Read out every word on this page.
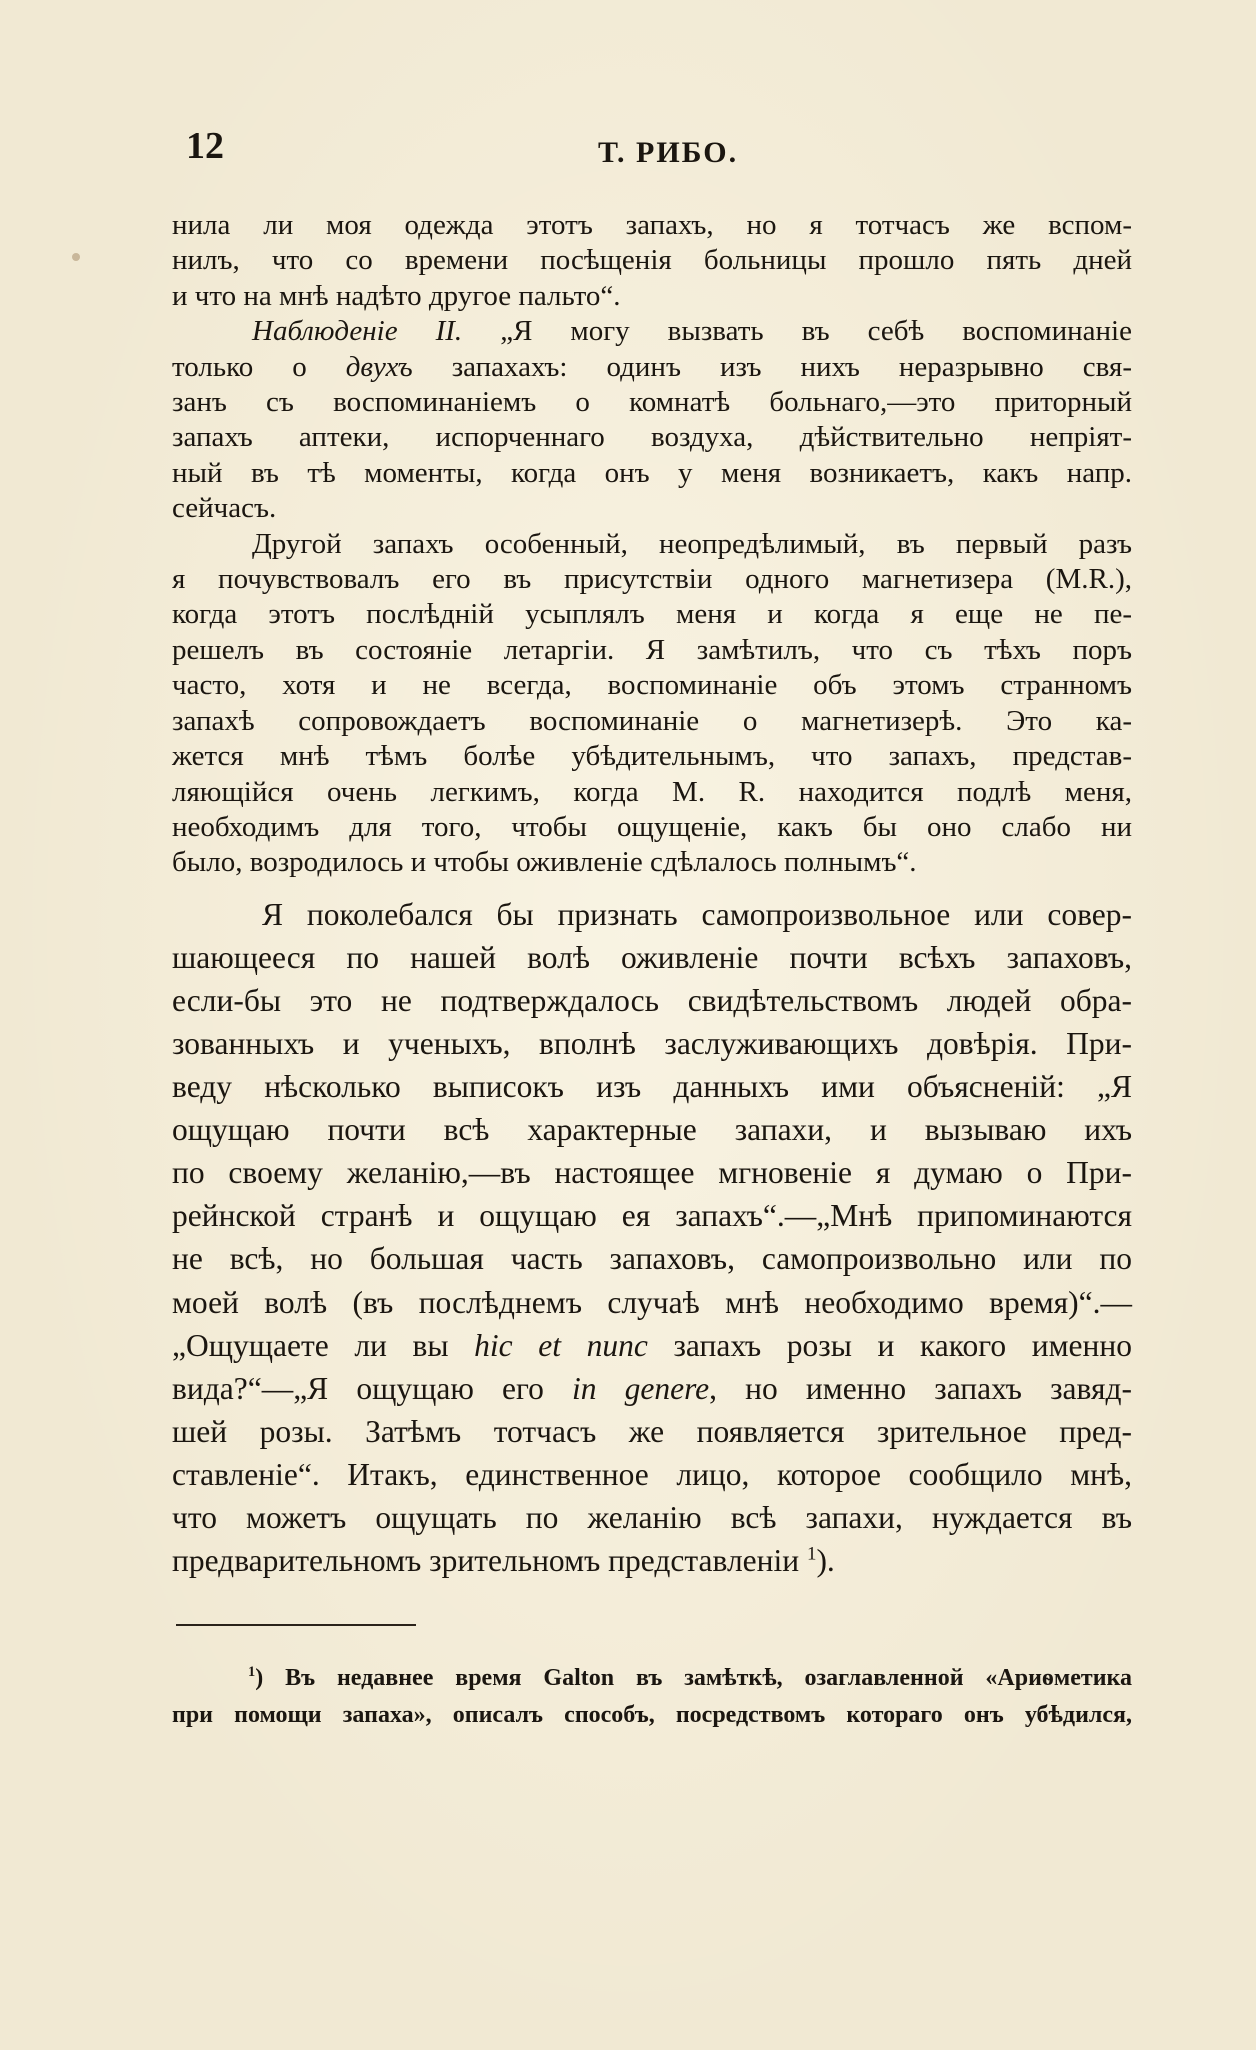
12	Т. РИБО.
нила ли моя одежда этотъ запахъ, но я тотчасъ же вспом-
нилъ, что со времени посѣщенія больницы прошло пять дней
и что на мнѣ надѣто другое пальто“.
Наблюденіе II. „Я могу вызвать въ себѣ воспоминаніе
только о двухъ запахахъ: одинъ изъ нихъ неразрывно свя-
занъ съ воспоминаніемъ о комнатѣ больнаго,—это приторный
запахъ аптеки, испорченнаго воздуха, дѣйствительно непріят-
ный въ тѣ моменты, когда онъ у меня возникаетъ, какъ напр.
сейчасъ.
Другой запахъ особенный, неопредѣлимый, въ первый разъ
я почувствовалъ его въ присутствіи одного магнетизера (М.R.),
когда этотъ послѣдній усыплялъ меня и когда я еще не пе-
решелъ въ состояніе летаргіи. Я замѣтилъ, что съ тѣхъ поръ
часто, хотя и не всегда, воспоминаніе объ этомъ странномъ
запахѣ сопровождаетъ воспоминаніе о магнетизерѣ. Это ка-
жется мнѣ тѣмъ болѣе убѣдительнымъ, что запахъ, представ-
ляющійся очень легкимъ, когда М. R. находится подлѣ меня,
необходимъ для того, чтобы ощущеніе, какъ бы оно слабо ни
было, возродилось и чтобы оживленіе сдѣлалось полнымъ“.
Я поколебался бы признать самопроизвольное или совер-
шающееся по нашей волѣ оживленіе почти всѣхъ запаховъ,
если-бы это не подтверждалось свидѣтельствомъ людей обра-
зованныхъ и ученыхъ, вполнѣ заслуживающихъ довѣрія. При-
веду нѣсколько выписокъ изъ данныхъ ими объясненій: „Я
ощущаю почти всѣ характерные запахи, и вызываю ихъ
по своему желанію,—въ настоящее мгновеніе я думаю о При-
рейнской странѣ и ощущаю ея запахъ“.—„Мнѣ припоминаются
не всѣ, но большая часть запаховъ, самопроизвольно или по
моей волѣ (въ послѣднемъ случаѣ мнѣ необходимо время)“.—
„Ощущаете ли вы hic et nunc запахъ розы и какого именно
вида?“—„Я ощущаю его in genere, но именно запахъ завяд-
шей розы. Затѣмъ тотчасъ же появляется зрительное пред-
ставленіе“. Итакъ, единственное лицо, которое сообщило мнѣ,
что можетъ ощущать по желанію всѣ запахи, нуждается въ
предварительномъ зрительномъ представленіи $^1$).
$^1$) Въ недавнее время Galton въ замѣткѣ, озаглавленной «Ариѳметика
при помощи запаха», описалъ способъ, посредствомъ котораго онъ убѣдился,
